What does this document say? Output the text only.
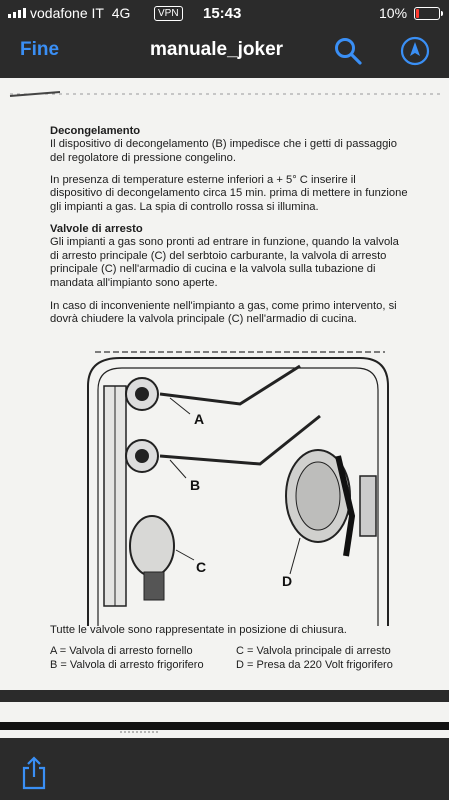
vodafone IT 4G	VPN 15:43	10%
Fine	manuale_joker
Decongelamento
Il dispositivo di decongelamento (B) impedisce che i getti di passaggio del regolatore di pressione congelino.
In presenza di temperature esterne inferiori a + 5° C inserire il dispositivo di decongelamento circa 15 min. prima di mettere in funzione gli impianti a gas. La spia di controllo rossa si illumina.
Valvole di arresto
Gli impianti a gas sono pronti ad entrare in funzione, quando la valvola di arresto principale (C) del serbtoio carburante, la valvola di arresto principale (C) nell'armadio di cucina e la valvola sulla tubazione di mandata all'impianto sono aperte.
In caso di inconveniente nell'impianto a gas, come primo intervento, si dovrà chiudere la valvola principale (C) nell'armadio di cucina.
A
B
C
D
Tutte le valvole sono rappresentate in posizione di chiusura.
A = Valvola di arresto fornello	C = Valvola principale di arresto
B = Valvola di arresto frigorifero	D = Presa da 220 Volt frigorifero
